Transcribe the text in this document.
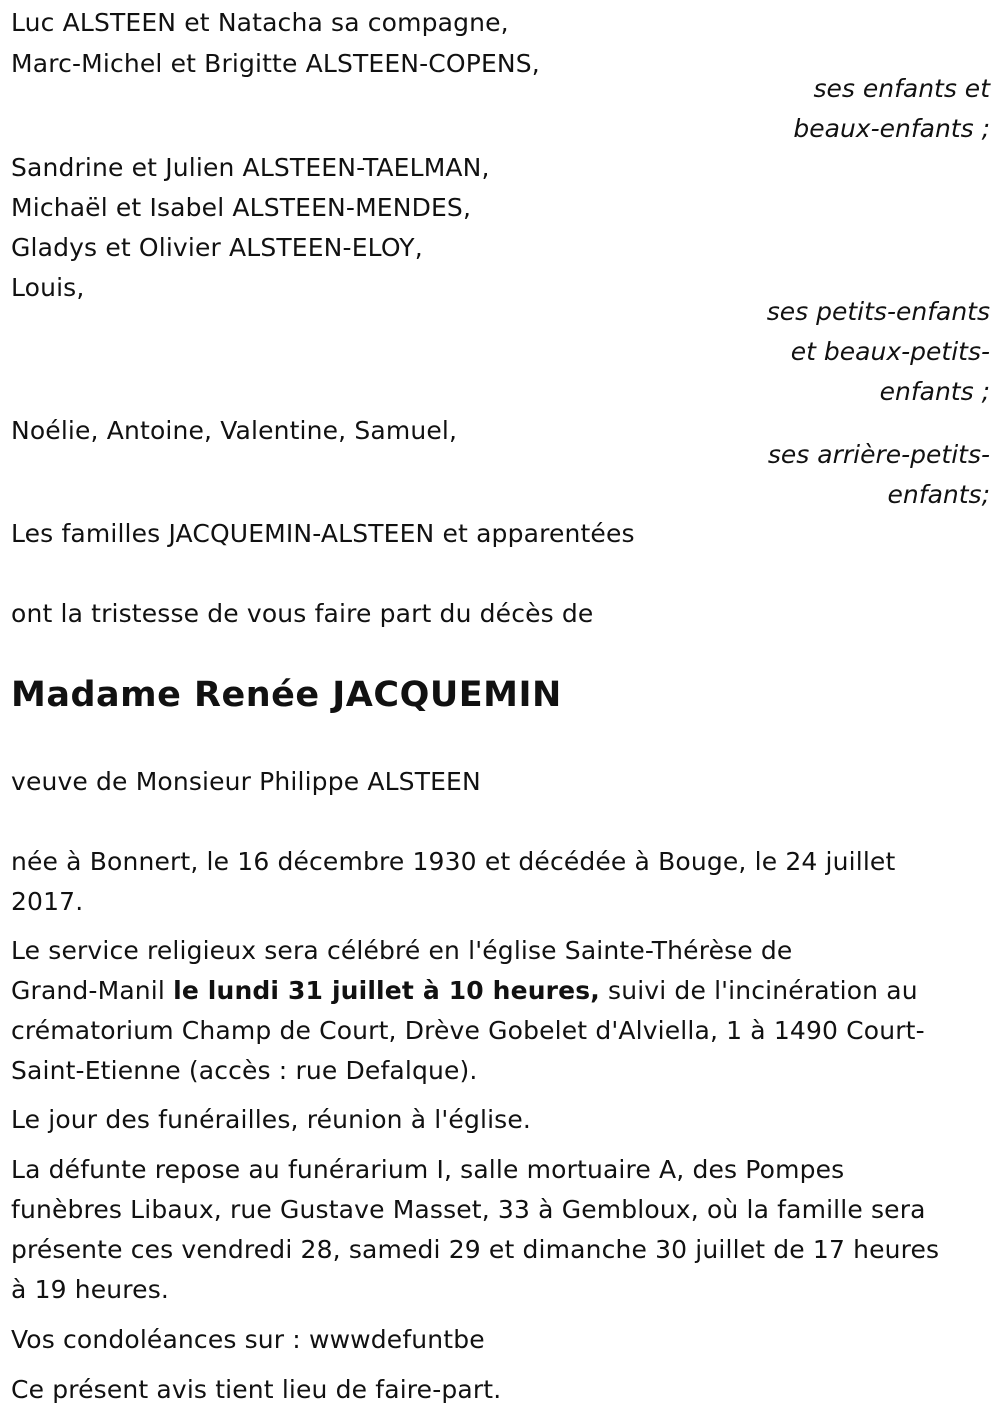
Luc ALSTEEN et Natacha sa compagne,
Marc-Michel et Brigitte ALSTEEN-COPENS,
ses enfants et
beaux-enfants ;
Sandrine et Julien ALSTEEN-TAELMAN,
Michaël et Isabel ALSTEEN-MENDES,
Gladys et Olivier ALSTEEN-ELOY,
Louis,
ses petits-enfants
et beaux-petits-
enfants ;
Noélie, Antoine, Valentine, Samuel,
ses arrière-petits-
enfants;
Les familles JACQUEMIN-ALSTEEN et apparentées
ont la tristesse de vous faire part du décès de
Madame Renée JACQUEMIN
veuve de Monsieur Philippe ALSTEEN
née à Bonnert, le 16 décembre 1930 et décédée à Bouge, le 24 juillet
2017.
Le service religieux sera célébré en l'église Sainte-Thérèse de
Grand-Manil le lundi 31 juillet à 10 heures, suivi de l'incinération au
crématorium Champ de Court, Drève Gobelet d'Alviella, 1 à 1490 Court-
Saint-Etienne (accès : rue Defalque).
Le jour des funérailles, réunion à l'église.
La défunte repose au funérarium I, salle mortuaire A, des Pompes
funèbres Libaux, rue Gustave Masset, 33 à Gembloux, où la famille sera
présente ces vendredi 28, samedi 29 et dimanche 30 juillet de 17 heures
à 19 heures.
Vos condoléances sur : wwwdefuntbe
Ce présent avis tient lieu de faire-part.
